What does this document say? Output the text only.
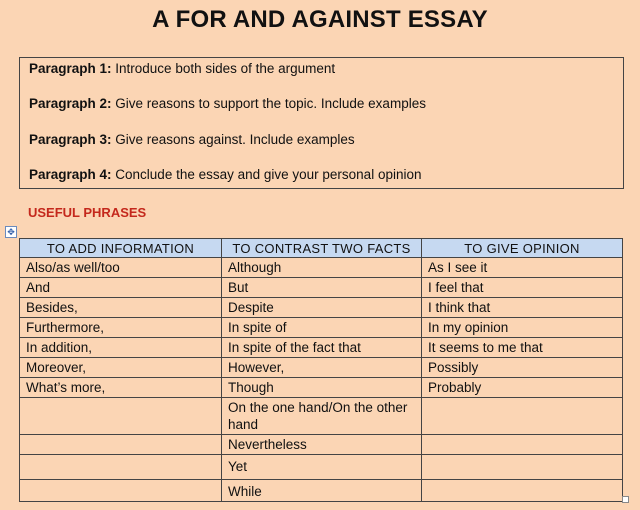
A FOR AND AGAINST ESSAY
Paragraph 1: Introduce both sides of the argument
Paragraph 2: Give reasons to support the topic. Include examples
Paragraph 3: Give reasons against. Include examples
Paragraph 4: Conclude the essay and give your personal opinion
USEFUL PHRASES
✥
TO ADD INFORMATION	TO CONTRAST TWO FACTS	TO GIVE OPINION
Also/as well/too	Although	As I see it
And	But	I feel that
Besides,	Despite	I think that
Furthermore,	In spite of	In my opinion
In addition,	In spite of the fact that	It seems to me that
Moreover,	However,	Possibly
What’s more,	Though	Probably
	On the one hand/On the other hand	
	Nevertheless	
	Yet	
	While	
